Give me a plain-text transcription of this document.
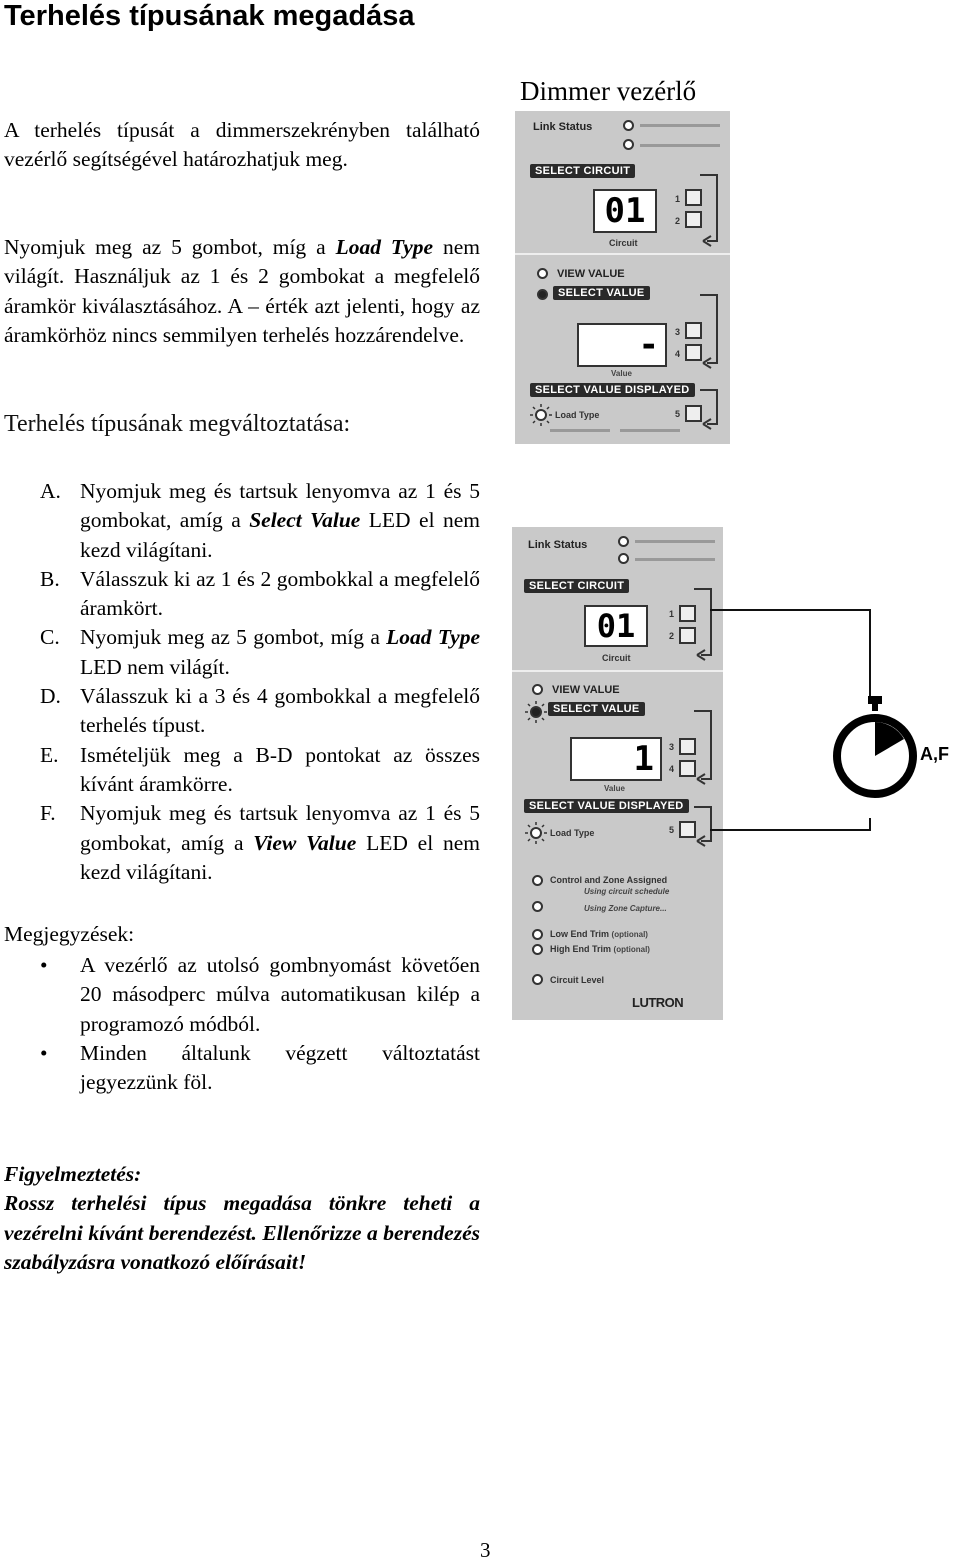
Terhelés típusának megadása
A terhelés típusát a dimmerszekrényben található vezérlő segítségével határozhatjuk meg.
Nyomjuk meg az 5 gombot, míg a Load Type nem világít. Használjuk az 1 és 2 gombokat a megfelelő áramkör kiválasztásához. A – érték azt jelenti, hogy az áramkörhöz nincs semmilyen terhelés hozzárendelve.
Terhelés típusának megváltoztatása:
A. Nyomjuk meg és tartsuk lenyomva az 1 és 5 gombokat, amíg a Select Value LED el nem kezd világítani.
B. Válasszuk ki az 1 és 2 gombokkal a megfelelő áramkört.
C. Nyomjuk meg az 5 gombot, míg a Load Type LED nem világít.
D. Válasszuk ki a 3 és 4 gombokkal a megfelelő terhelés típust.
E. Ismételjük meg a B-D pontokat az összes kívánt áramkörre.
F. Nyomjuk meg és tartsuk lenyomva az 1 és 5 gombokat, amíg a View Value LED el nem kezd világítani.
Megjegyzések:
• A vezérlő az utolsó gombnyomást követően 20 másodperc múlva automatikusan kilép a programozó módból.
• Minden általunk végzett változtatást jegyezzünk föl.
Figyelmeztetés:
Rossz terhelési típus megadása tönkre teheti a vezérelni kívánt berendezést. Ellenőrizze a berendezés szabályzásra vonatkozó előírásait!
3
Dimmer vezérlő
Link Status
SELECT CIRCUIT
01
Circuit
1
2
VIEW VALUE
SELECT VALUE
-
Value
3
4
SELECT VALUE DISPLAYED
Load Type	5
Link Status
SELECT CIRCUIT
01
Circuit
1
2
VIEW VALUE
SELECT VALUE
1
Value
3
4
SELECT VALUE DISPLAYED
Load Type	5
Control and Zone Assigned
Using circuit schedule
Using Zone Capture...
Low End Trim (optional)
High End Trim (optional)
Circuit Level
LUTRON
A,F
